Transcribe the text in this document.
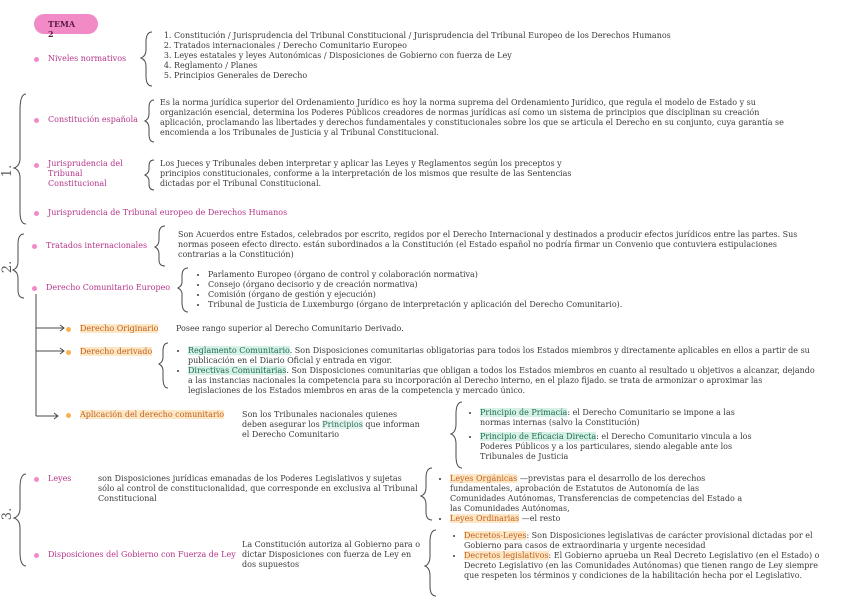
TEMA
2
1.
2.
3.
Niveles normativos
1. Constitución / Jurisprudencia del Tribunal Constitucional / Jurisprudencia del Tribunal Europeo de los Derechos Humanos
2. Tratados internacionales / Derecho Comunitario Europeo
3. Leyes estatales y leyes Autonómicas / Disposiciones de Gobierno con fuerza de Ley
4. Reglamento / Planes
5. Principios Generales de Derecho
Constitución española
Es la norma jurídica superior del Ordenamiento Jurídico es hoy la norma suprema del Ordenamiento Jurídico, que regula el modelo de Estado y su organización esencial, determina los Poderes Públicos creadores de normas jurídicas así como un sistema de principios que disciplinan su creación aplicación, proclamando las libertades y derechos fundamentales y constitucionales sobre los que se articula el Derecho en su conjunto, cuya garantía se encomienda a los Tribunales de Justicia y al Tribunal Constitucional.
Jurisprudencia del Tribunal Constitucional
Los Jueces y Tribunales deben interpretar y aplicar las Leyes y Reglamentos según los preceptos y principios constitucionales, conforme a la interpretación de los mismos que resulte de las Sentencias dictadas por el Tribunal Constitucional.
Jurisprudencia de Tribunal europeo de Derechos Humanos
Tratados internacionales
Son Acuerdos entre Estados, celebrados por escrito, regidos por el Derecho Internacional y destinados a producir efectos jurídicos entre las partes. Sus normas poseen efecto directo. están subordinados a la Constitución (el Estado español no podría firmar un Convenio que contuviera estipulaciones contrarias a la Constitución)
Derecho Comunitario Europeo
• Parlamento Europeo (órgano de control y colaboración normativa)
• Consejo (órgano decisorio y de creación normativa)
• Comisión (órgano de gestión y ejecución)
• Tribunal de Justicia de Luxemburgo (órgano de interpretación y aplicación del Derecho Comunitario).
Derecho Originario Posee rango superior al Derecho Comunitario Derivado.
Derecho derivado
•	Reglamento Comunitario. Son Disposiciones comunitarias obligatorias para todos los Estados miembros y directamente aplicables en ellos a partir de su publicación en el Diario Oficial y entrada en vigor.
• Directivas Comunitarias. Son Disposiciones comunitarias que obligan a todos los Estados miembros en cuanto al resultado u objetivos a alcanzar, dejando a las instancias nacionales la competencia para su incorporación al Derecho interno, en el plazo fijado. se trata de armonizar o aproximar las legislaciones de los Estados miembros en aras de la competencia y mercado único.
Aplicación del derecho comunitario Son los Tribunales nacionales quienes deben asegurar los Principios que informan el Derecho Comunitario
• Principio de Primacía: el Derecho Comunitario se impone a las normas internas (salvo la Constitución)
• Principio de Eficacia Directa: el Derecho Comunitario vincula a los Poderes Públicos y a los particulares, siendo alegable ante los Tribunales de Justicia
Leyes	son Disposiciones jurídicas emanadas de los Poderes Legislativos y sujetas sólo al control de constitucionalidad, que corresponde en exclusiva al Tribunal Constitucional
• Leyes Orgánicas —previstas para el desarrollo de los derechos fundamentales, aprobación de Estatutos de Autonomía de las Comunidades Autónomas, Transferencias de competencias del Estado a las Comunidades Autónomas,
• Leyes Ordinarias —el resto
Disposiciones del Gobierno con Fuerza de Ley
La Constitución autoriza al Gobierno para o dictar Disposiciones con fuerza de Ley en dos supuestos
• Decretos-Leyes: Son Disposiciones legislativas de carácter provisional dictadas por el Gobierno para casos de extraordinaria y urgente necesidad
• Decretos legislativos: El Gobierno aprueba un Real Decreto Legislativo (en el Estado) o Decreto Legislativo (en las Comunidades Autónomas) que tienen rango de Ley siempre que respeten los términos y condiciones de la habilitación hecha por el Legislativo.
